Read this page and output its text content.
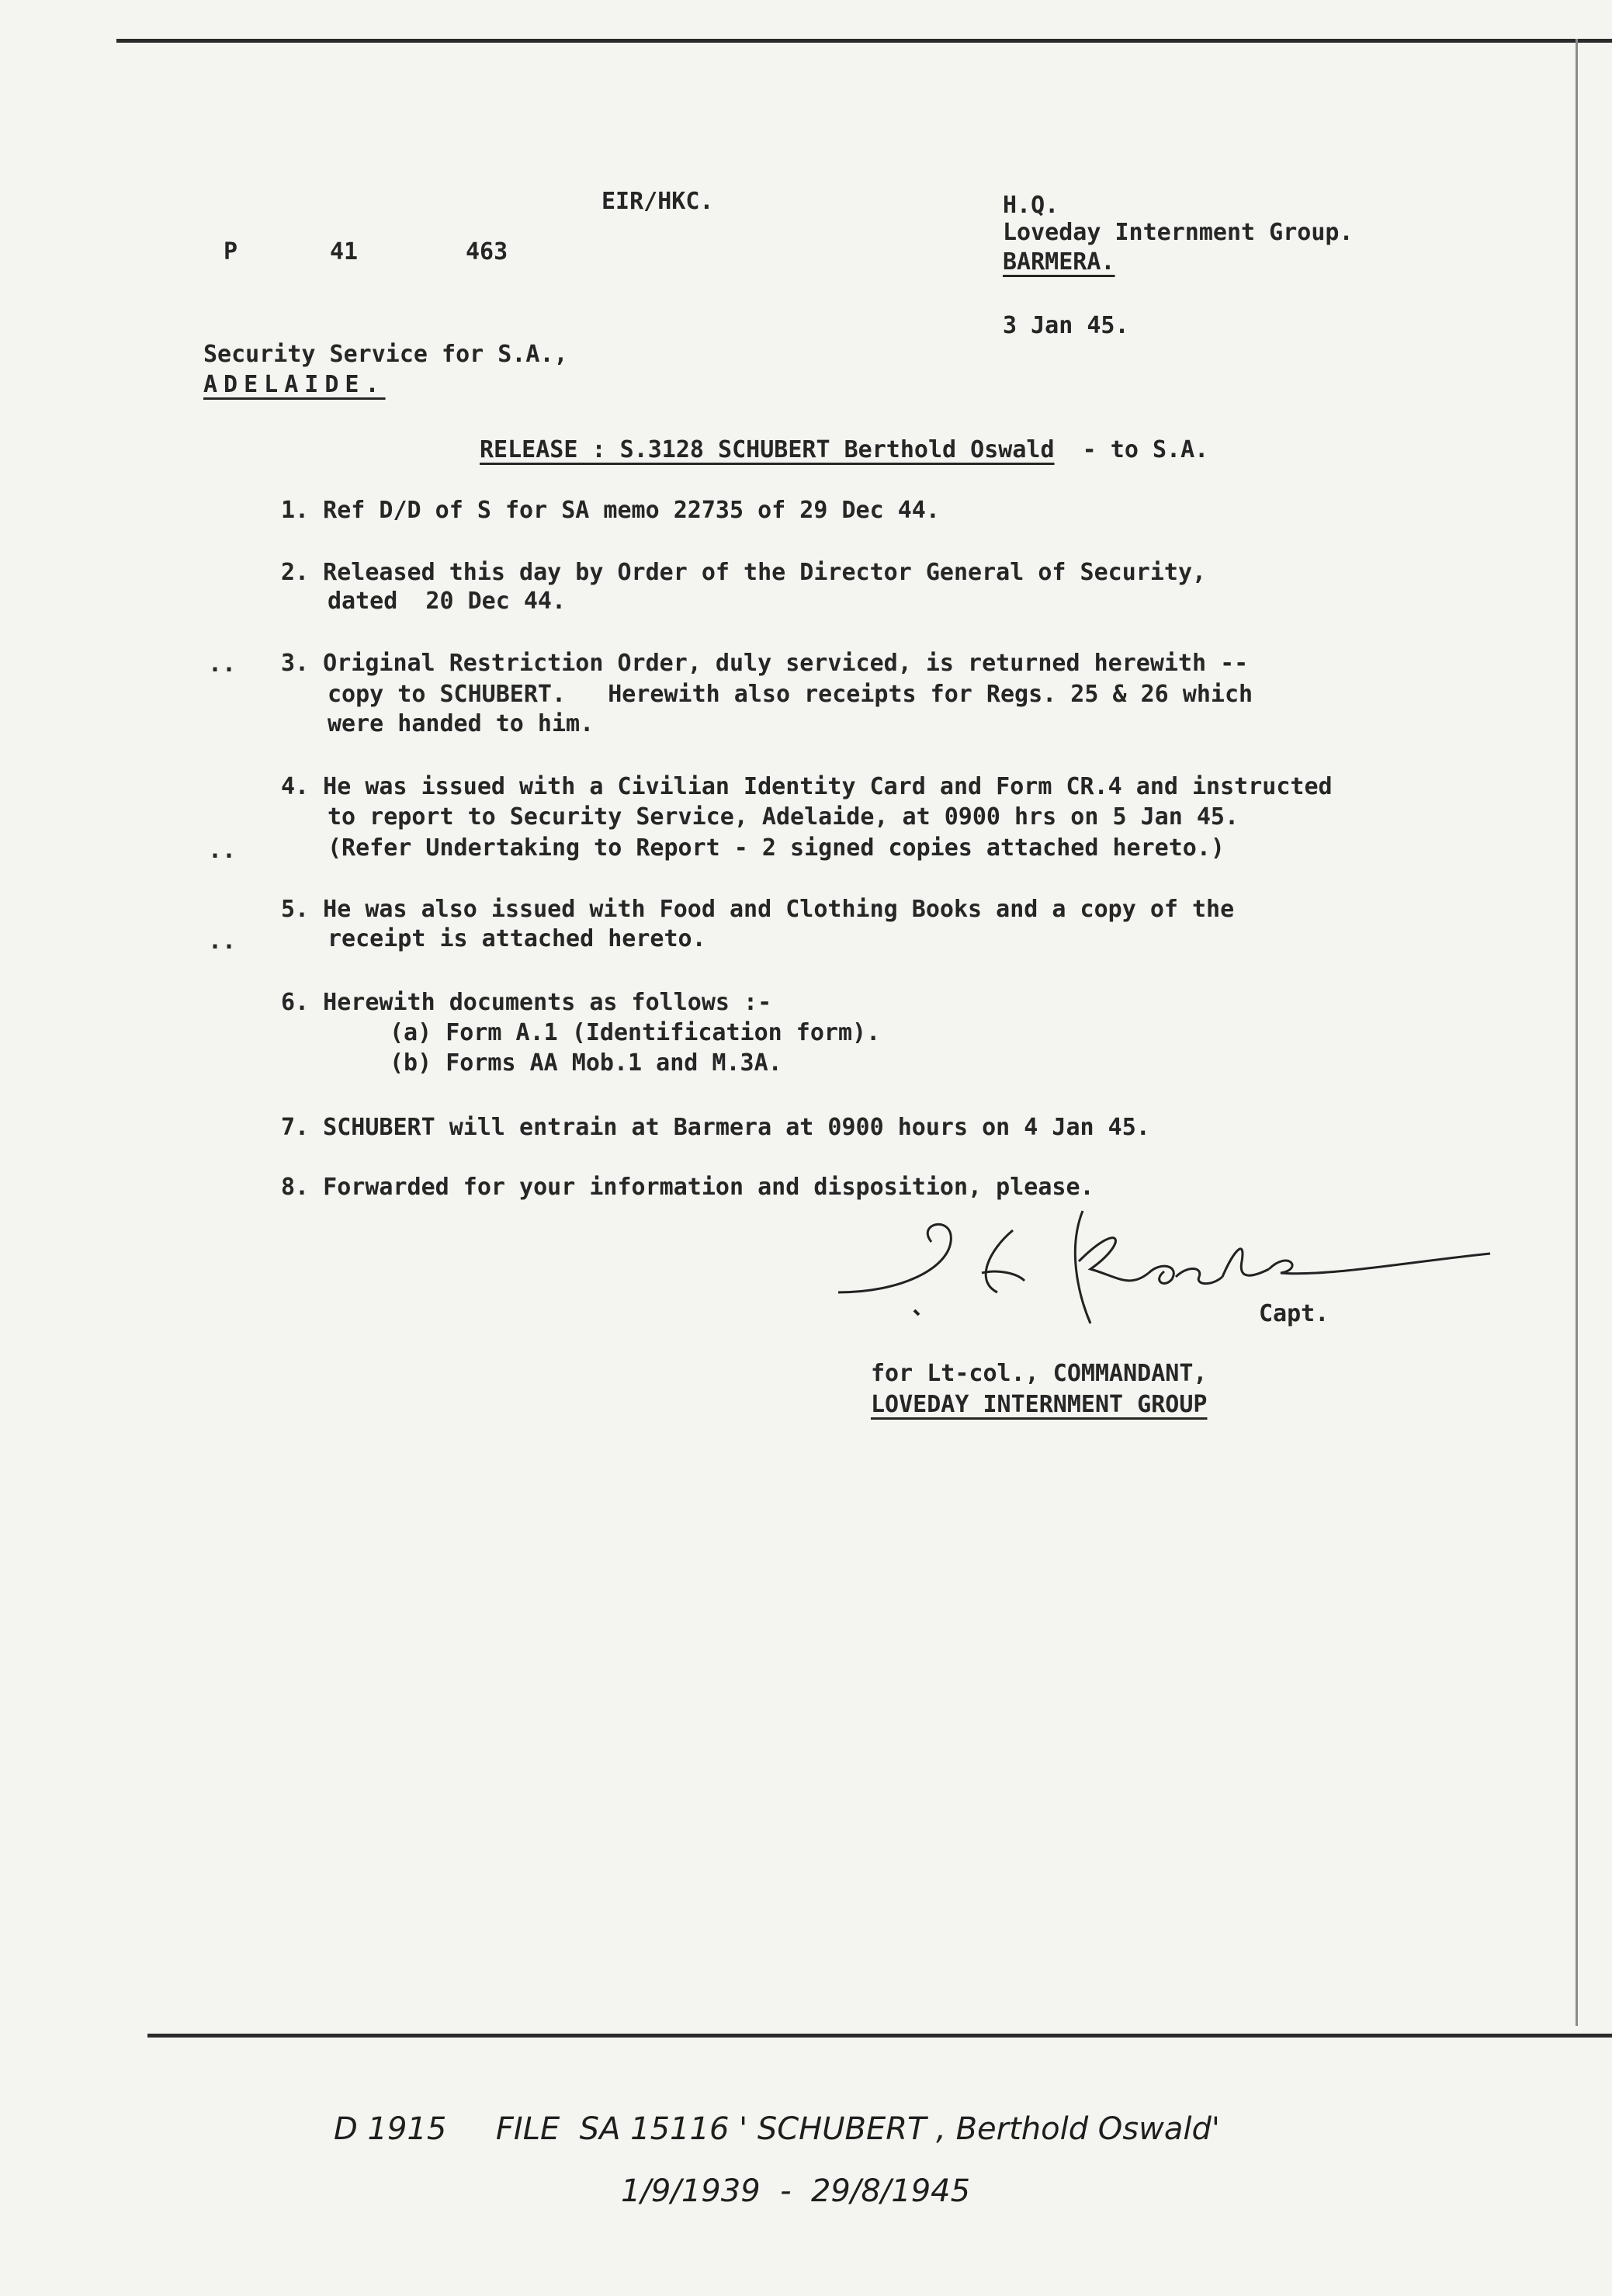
EIR/HKC.
P	41	463
H.Q.
Loveday Internment Group.
BARMERA.
3 Jan 45.
Security Service for S.A.,
ADELAIDE.
RELEASE : S.3128 SCHUBERT Berthold Oswald - to S.A.
1. Ref D/D of S for SA memo 22735 of 29 Dec 44.
2. Released this day by Order of the Director General of Security,
dated  20 Dec 44.
.. 3. Original Restriction Order, duly serviced, is returned herewith --
copy to SCHUBERT.   Herewith also receipts for Regs. 25 & 26 which
were handed to him.
4. He was issued with a Civilian Identity Card and Form CR.4 and instructed
to report to Security Service, Adelaide, at 0900 hrs on 5 Jan 45.
..	(Refer Undertaking to Report - 2 signed copies attached hereto.)
5. He was also issued with Food and Clothing Books and a copy of the
..	receipt is attached hereto.
6. Herewith documents as follows :-
(a) Form A.1 (Identification form).
(b) Forms AA Mob.1 and M.3A.
7. SCHUBERT will entrain at Barmera at 0900 hours on 4 Jan 45.
8. Forwarded for your information and disposition, please.
Capt.
for Lt-col., COMMANDANT,
LOVEDAY INTERNMENT GROUP
D 1915     FILE  SA 15116 ' SCHUBERT , Berthold Oswald'
1/9/1939  -  29/8/1945
